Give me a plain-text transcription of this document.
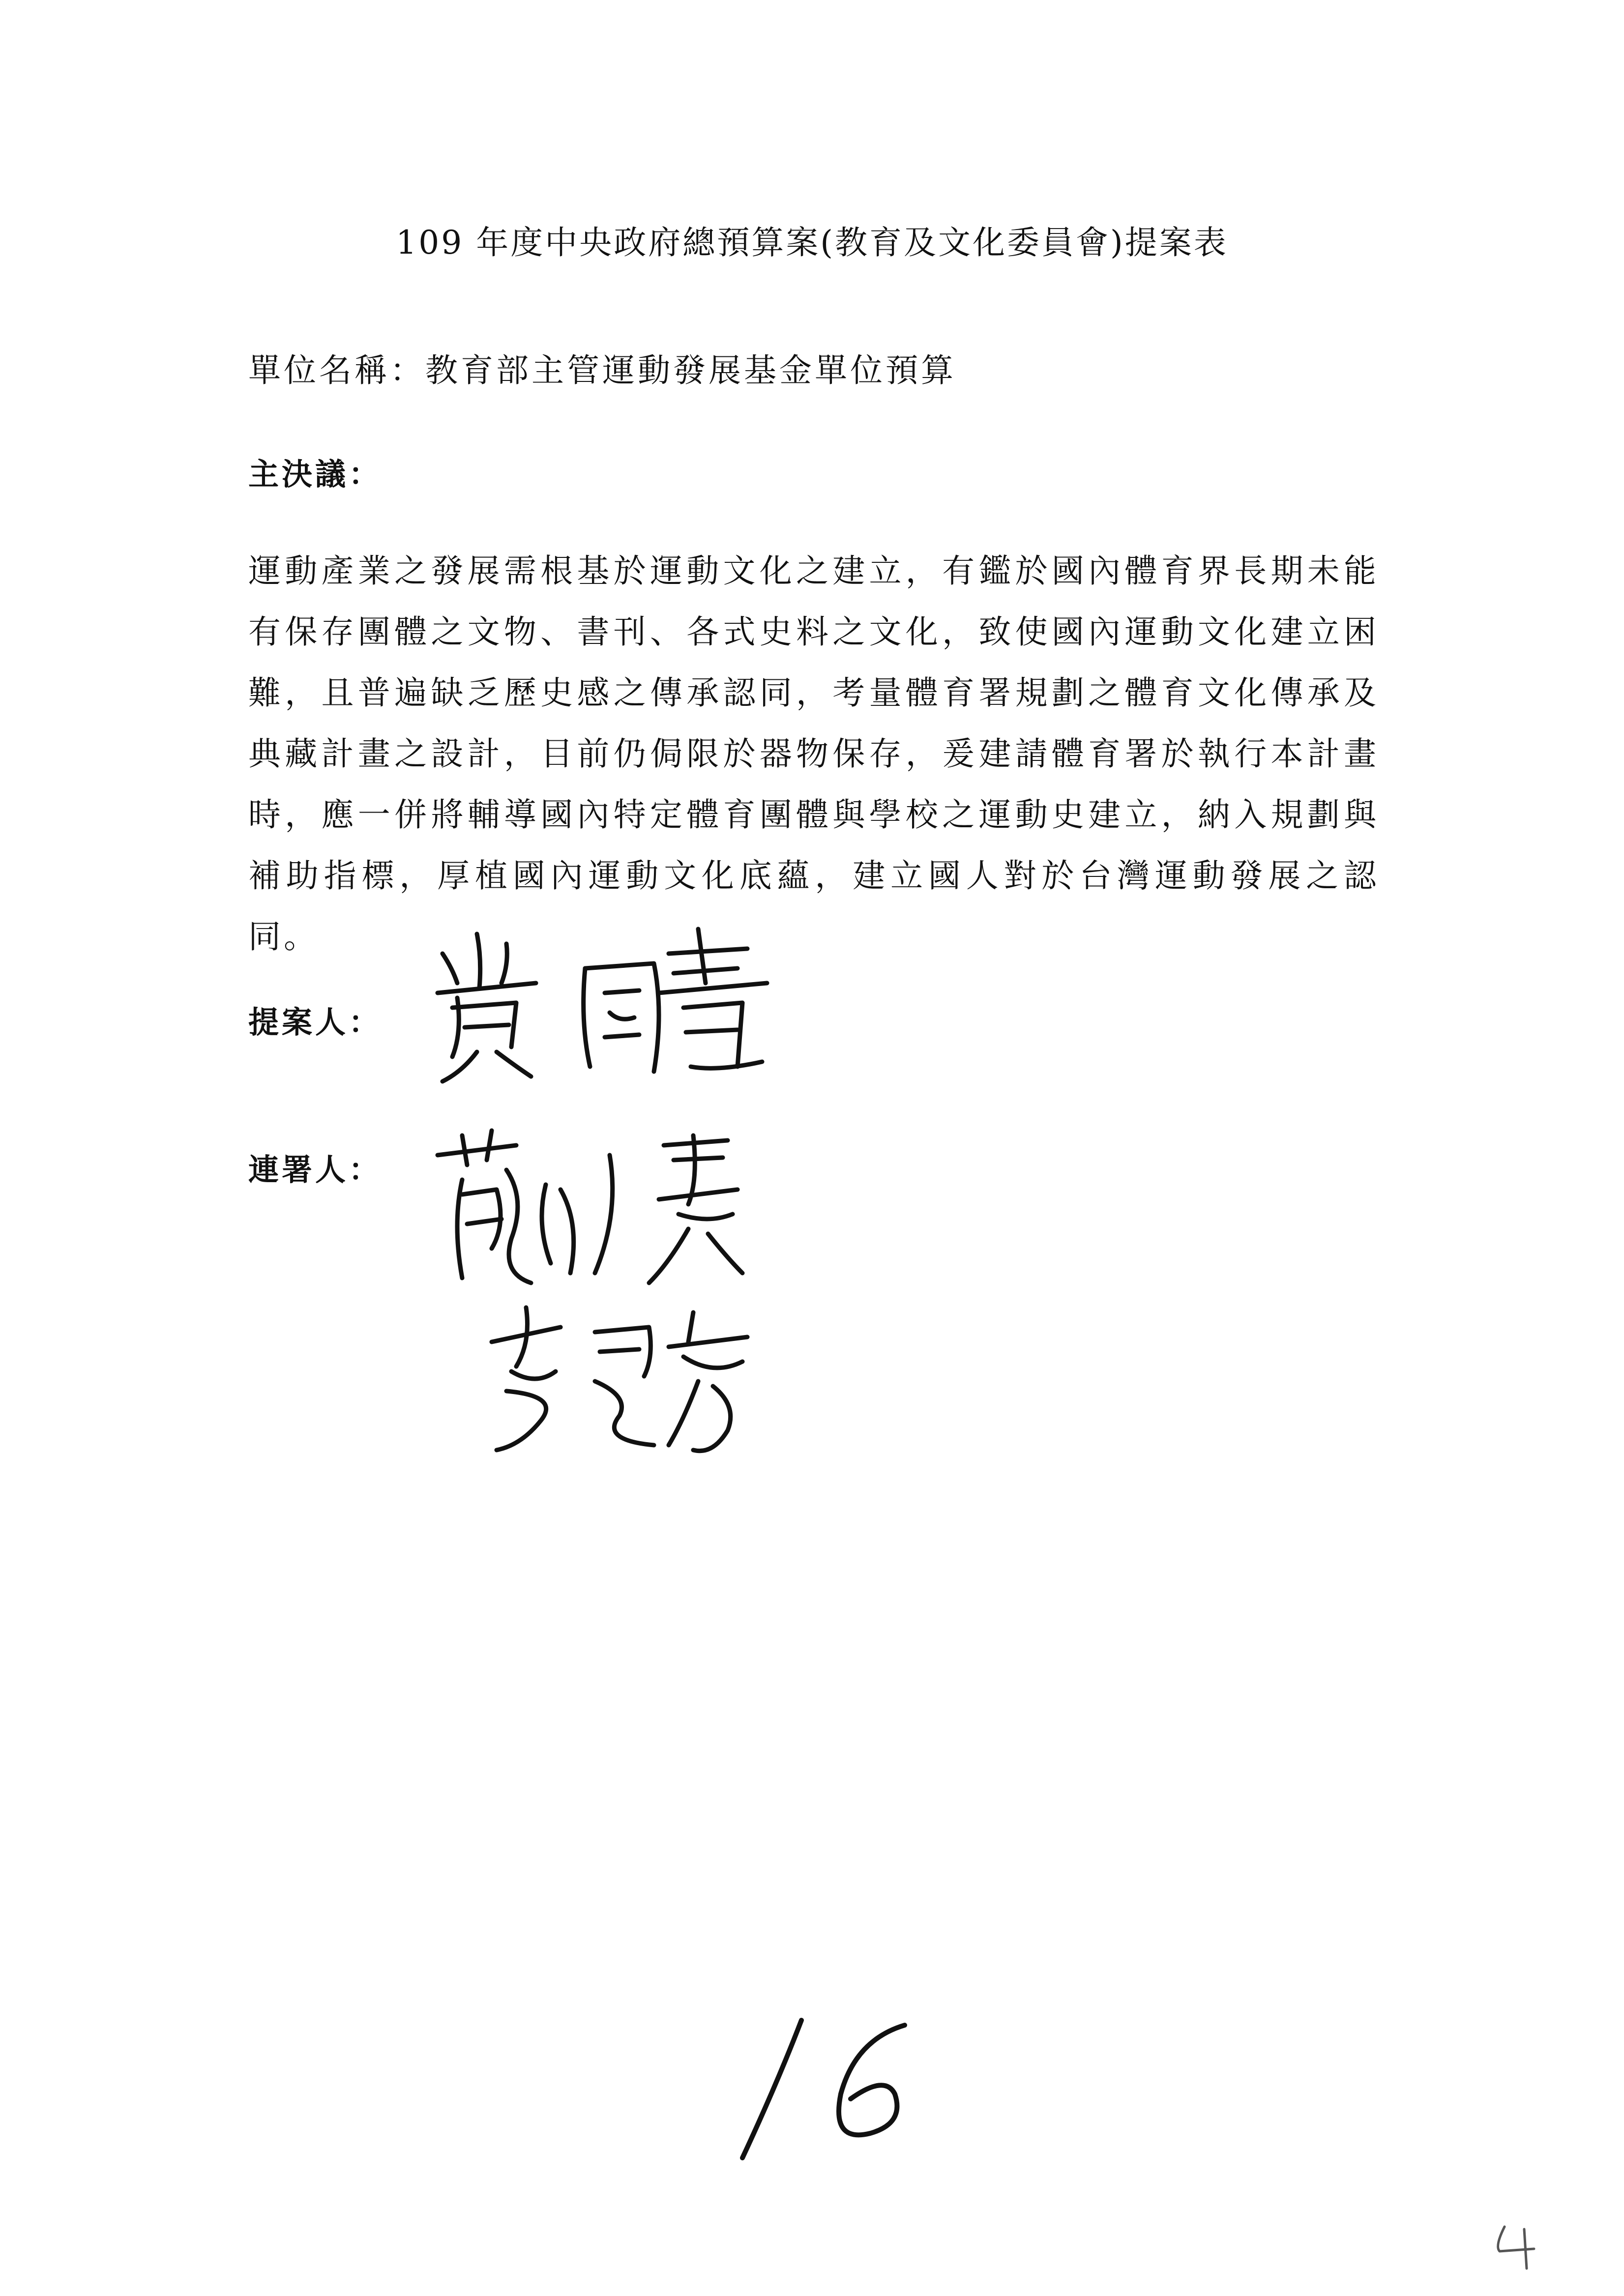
109 年度中央政府總預算案(教育及文化委員會)提案表
單位名稱：教育部主管運動發展基金單位預算
主決議：

運動產業之發展需根基於運動文化之建立，有鑑於國內體育界長期未能有保存團體之文物、書刊、各式史料之文化，致使國內運動文化建立困難，且普遍缺乏歷史感之傳承認同，考量體育署規劃之體育文化傳承及典藏計畫之設計，目前仍侷限於器物保存，爰建請體育署於執行本計畫時，應一併將輔導國內特定體育團體與學校之運動史建立，納入規劃與補助指標，厚植國內運動文化底蘊，建立國人對於台灣運動發展之認同。

提案人：
連署人：
